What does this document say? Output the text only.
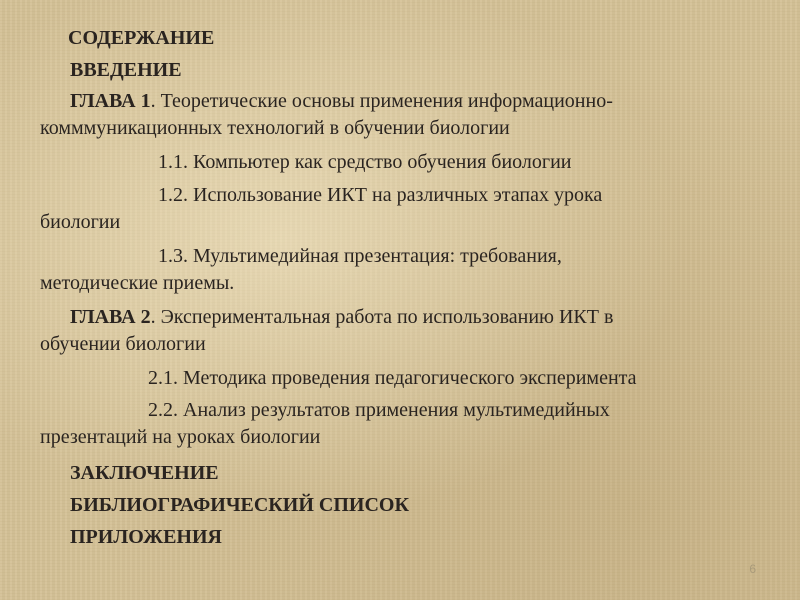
СОДЕРЖАНИЕ

ВВЕДЕНИЕ

ГЛАВА 1. Теоретические основы применения информационно-
комммуникационных технологий в обучении биологии

1.1. Компьютер как средство обучения биологии

1.2. Использование ИКТ на различных этапах урока
биологии
1.3. Мультимедийная презентация: требования,
методические приемы.
ГЛАВА 2. Экспериментальная работа по использованию ИКТ в
обучении биологии

2.1. Методика проведения педагогического эксперимента

2.2. Анализ результатов применения мультимедийных
презентаций на уроках биологии

ЗАКЛЮЧЕНИЕ

БИБЛИОГРАФИЧЕСКИЙ СПИСОК

ПРИЛОЖЕНИЯ

6
